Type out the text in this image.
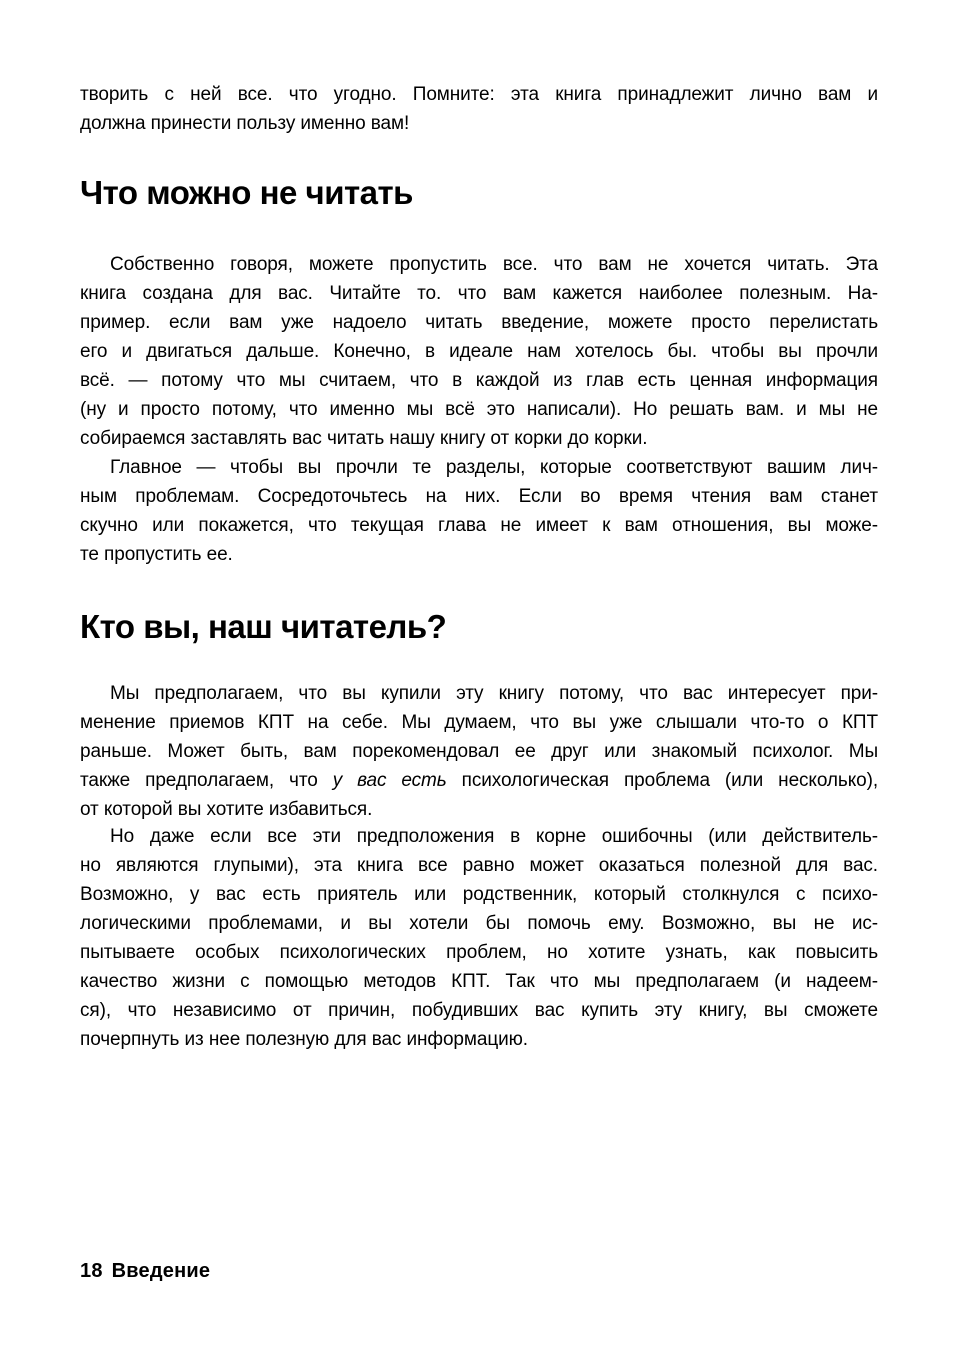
творить с ней все. что угодно. Помните: эта книга принадлежит лично вам и
должна принести пользу именно вам!
Что можно не читать
Собственно говоря, можете пропустить все. что вам не хочется читать. Эта
книга создана для вас. Читайте то. что вам кажется наиболее полезным. На-
пример. если вам уже надоело читать введение, можете просто перелистать
его и двигаться дальше. Конечно, в идеале нам хотелось бы. чтобы вы прочли
всё. — потому что мы считаем, что в каждой из глав есть ценная информация
(ну и просто потому, что именно мы всё это написали). Но решать вам. и мы не
собираемся заставлять вас читать нашу книгу от корки до корки.
Главное — чтобы вы прочли те разделы, которые соответствуют вашим лич-
ным проблемам. Сосредоточьтесь на них. Если во время чтения вам станет
скучно или покажется, что текущая глава не имеет к вам отношения, вы може-
те пропустить ее.
Кто вы, наш читатель?
Мы предполагаем, что вы купили эту книгу потому, что вас интересует при-
менение приемов КПТ на себе. Мы думаем, что вы уже слышали что-то о КПТ
раньше. Может быть, вам порекомендовал ее друг или знакомый психолог. Мы
также предполагаем, что у вас есть психологическая проблема (или несколько),
от которой вы хотите избавиться.
Но даже если все эти предположения в корне ошибочны (или действитель-
но являются глупыми), эта книга все равно может оказаться полезной для вас.
Возможно, у вас есть приятель или родственник, который столкнулся с психо-
логическими проблемами, и вы хотели бы помочь ему. Возможно, вы не ис-
пытываете особых психологических проблем, но хотите узнать, как повысить
качество жизни с помощью методов КПТ. Так что мы предполагаем (и надеем-
ся), что независимо от причин, побудивших вас купить эту книгу, вы сможете
почерпнуть из нее полезную для вас информацию.
18 Введение
